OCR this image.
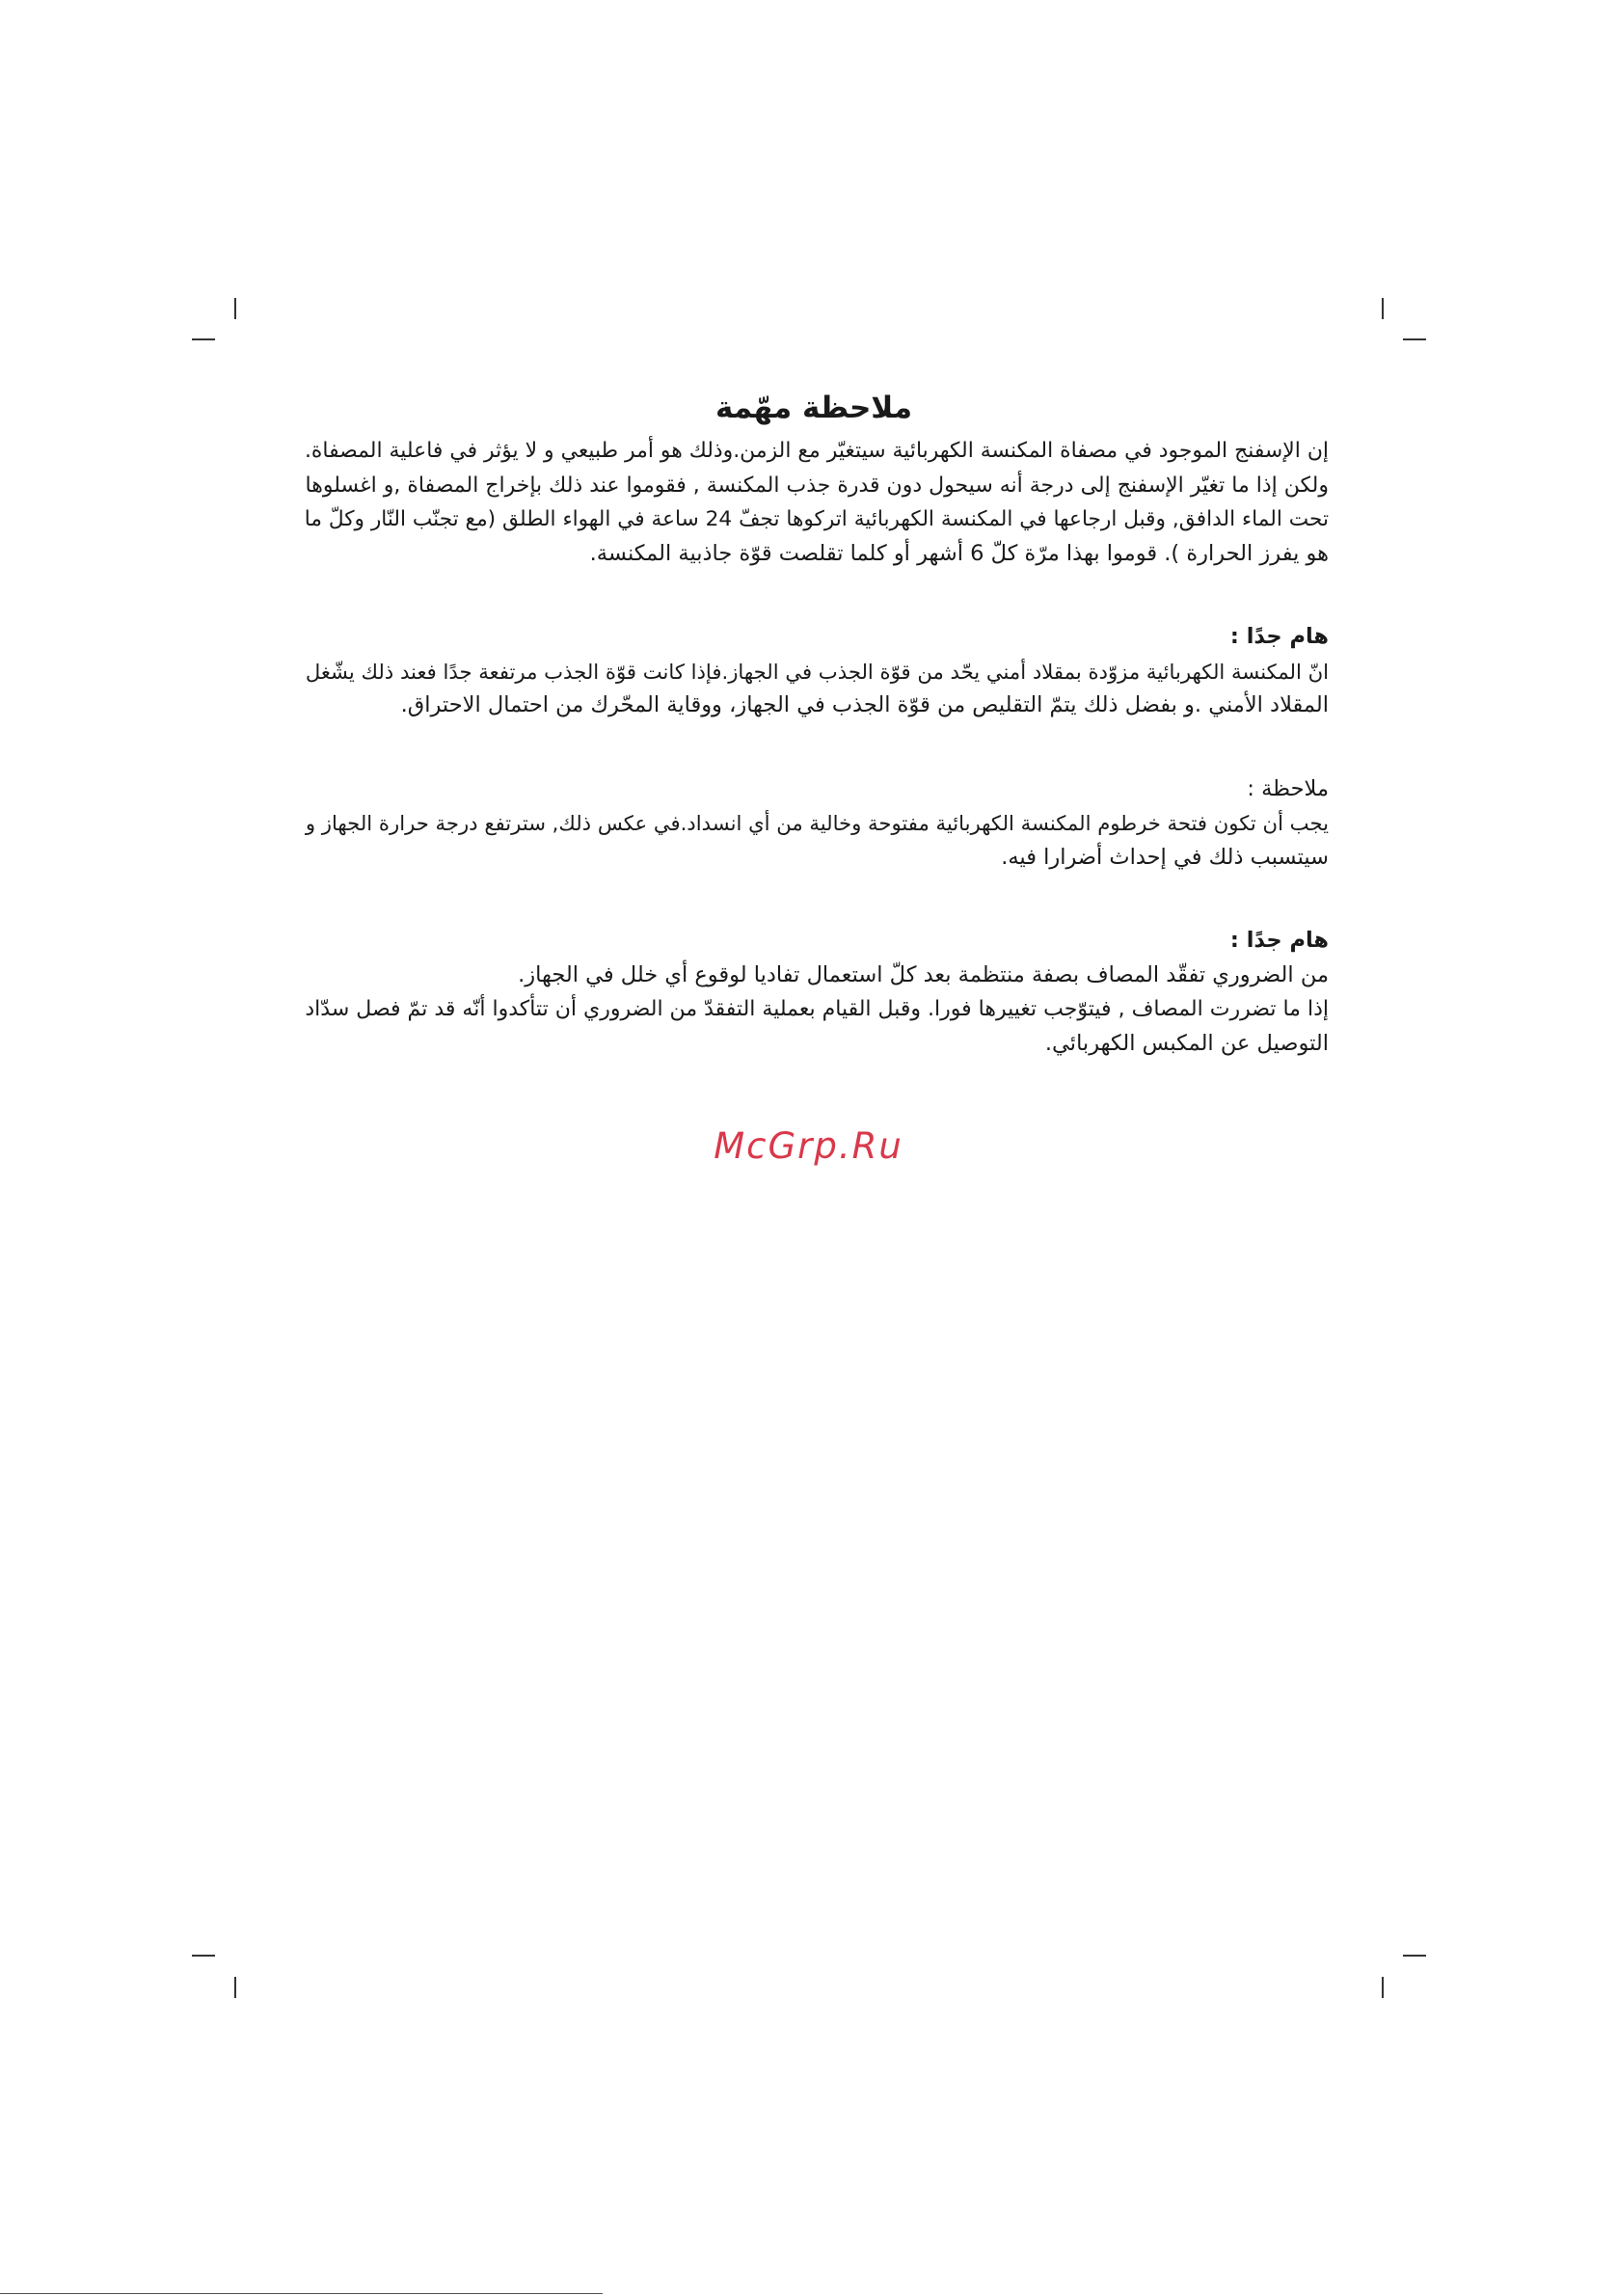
ملاحظة مهّمة
إن الإسفنج الموجود في مصفاة المكنسة الكهربائية سيتغيّر مع الزمن.وذلك هو أمر طبيعي و لا يؤثر في فاعلية المصفاة.
ولكن إذا ما تغيّر الإسفنج إلى درجة أنه سيحول دون قدرة جذب المكنسة , فقوموا عند ذلك بإخراج المصفاة ,و اغسلوها
تحت الماء الدافق, وقبل ارجاعها في المكنسة الكهربائية اتركوها تجفّ 24 ساعة في الهواء الطلق (مع تجنّب النّار وكلّ ما
هو يفرز الحرارة ). قوموا بهذا مرّة كلّ 6 أشهر أو كلما تقلصت قوّة جاذبية المكنسة.
هام جدًا :
انّ المكنسة الكهربائية مزوّدة بمقلاد أمني يحّد من قوّة الجذب في الجهاز.فإذا كانت قوّة الجذب مرتفعة جدًا فعند ذلك يشّغل
المقلاد الأمني .و بفضل ذلك يتمّ التقليص من قوّة الجذب في الجهاز، ووقاية المحّرك من احتمال الاحتراق.
ملاحظة :
يجب أن تكون فتحة خرطوم المكنسة الكهربائية مفتوحة وخالية من أي انسداد.في عكس ذلك, سترتفع درجة حرارة الجهاز و
سيتسبب ذلك في إحداث أضرارا فيه.
هام جدًا :
من الضروري تفقّد المصاف بصفة منتظمة بعد كلّ استعمال تفاديا لوقوع أي خلل في الجهاز.
إذا ما تضررت المصاف , فيتوّجب تغييرها فورا. وقبل القيام بعملية التفقدّ من الضروري أن تتأكدوا أنّه قد تمّ فصل سدّاد
التوصيل عن المكبس الكهربائي.
McGrp.Ru
